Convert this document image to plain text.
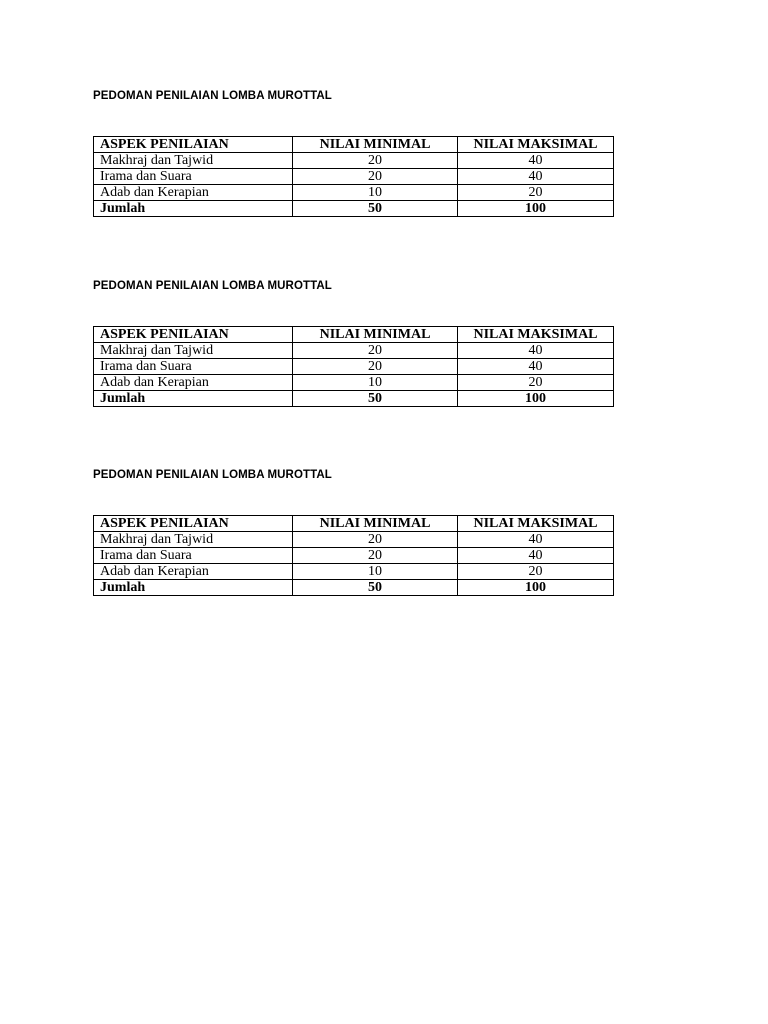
PEDOMAN PENILAIAN LOMBA MUROTTAL
ASPEK PENILAIAN	NILAI MINIMAL	NILAI MAKSIMAL
Makhraj dan Tajwid	20	40
Irama dan Suara	20	40
Adab dan Kerapian	10	20
Jumlah	50	100
PEDOMAN PENILAIAN LOMBA MUROTTAL
ASPEK PENILAIAN	NILAI MINIMAL	NILAI MAKSIMAL
Makhraj dan Tajwid	20	40
Irama dan Suara	20	40
Adab dan Kerapian	10	20
Jumlah	50	100
PEDOMAN PENILAIAN LOMBA MUROTTAL
ASPEK PENILAIAN	NILAI MINIMAL	NILAI MAKSIMAL
Makhraj dan Tajwid	20	40
Irama dan Suara	20	40
Adab dan Kerapian	10	20
Jumlah	50	100
